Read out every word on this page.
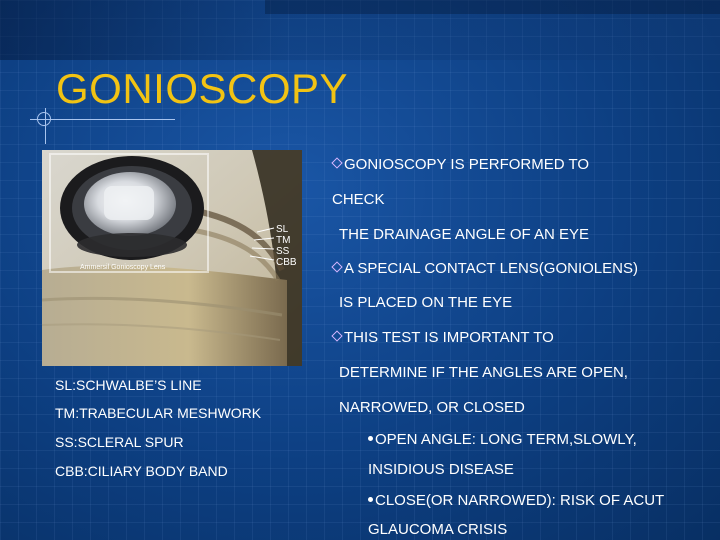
GONIOSCOPY
SL
TM
SS
CBB
Ammersil Gonioscopy Lens
SL:SCHWALBE’S LINE
TM:TRABECULAR MESHWORK
SS:SCLERAL SPUR
CBB:CILIARY BODY BAND
GONIOSCOPY IS PERFORMED TO
CHECK
THE DRAINAGE ANGLE OF AN EYE
A SPECIAL CONTACT LENS(GONIOLENS)
IS PLACED ON THE EYE
THIS TEST IS IMPORTANT TO
DETERMINE IF THE ANGLES ARE OPEN,
NARROWED, OR CLOSED
OPEN ANGLE: LONG TERM,SLOWLY,
INSIDIOUS DISEASE
CLOSE(OR NARROWED): RISK OF ACUT
GLAUCOMA CRISIS
